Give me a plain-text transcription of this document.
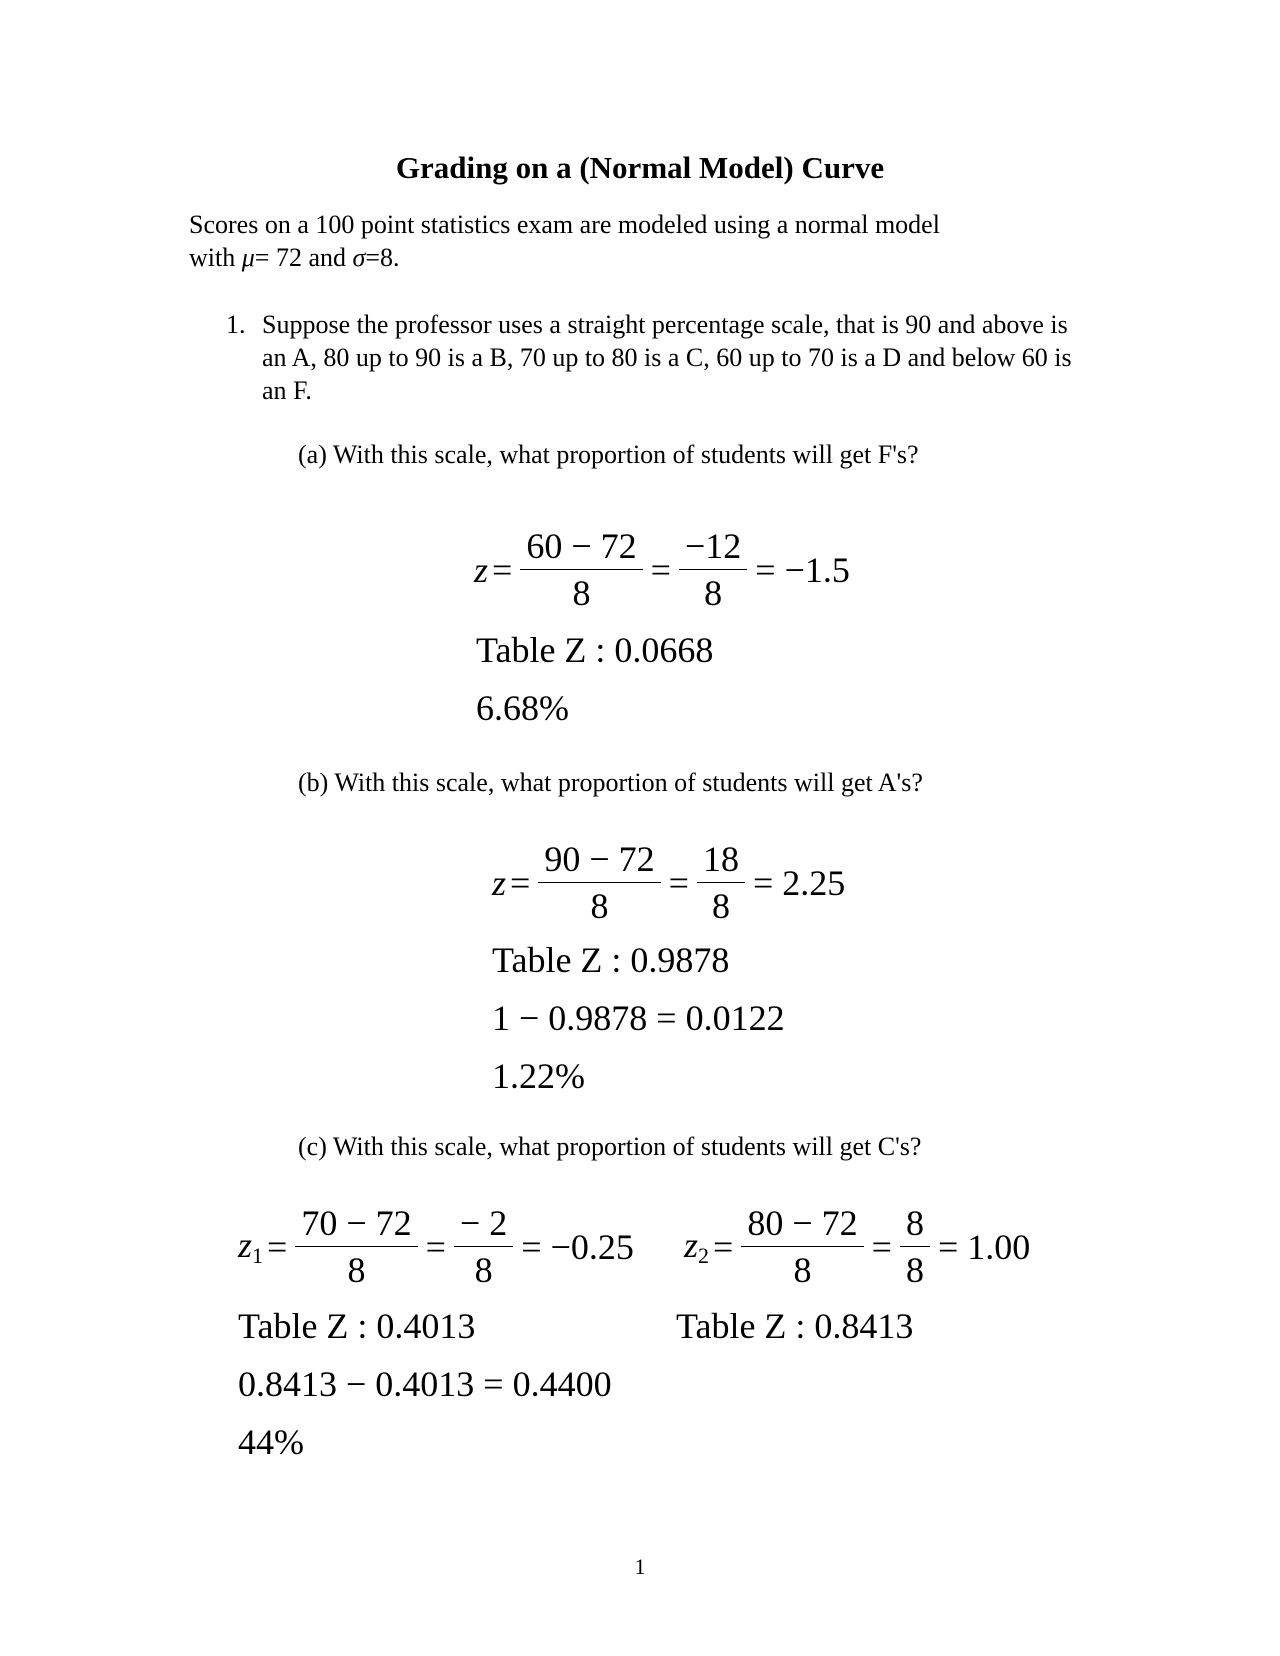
Grading on a (Normal Model) Curve
Scores on a 100 point statistics exam are modeled using a normal model
with μ= 72 and σ=8.
1. Suppose the professor uses a straight percentage scale, that is 90 and above is an A, 80 up to 90 is a B, 70 up to 80 is a C, 60 up to 70 is a D and below 60 is an F.
(a) With this scale, what proportion of students will get F's?
$z = \frac{60 - 72}{8} = \frac{-12}{8} = -1.5$
Table Z : 0.0668
6.68%
(b) With this scale, what proportion of students will get A's?
$z = \frac{90 - 72}{8} = \frac{18}{8} = 2.25$
Table Z : 0.9878
1 − 0.9878 = 0.0122
1.22%
(c) With this scale, what proportion of students will get C's?
$z_1 = \frac{70 - 72}{8} = \frac{- 2}{8} = -0.25$ $z_2 = \frac{80 - 72}{8} = \frac{8}{8} = 1.00$
Table Z : 0.4013	Table Z : 0.8413
0.8413 − 0.4013 = 0.4400
44%
1
